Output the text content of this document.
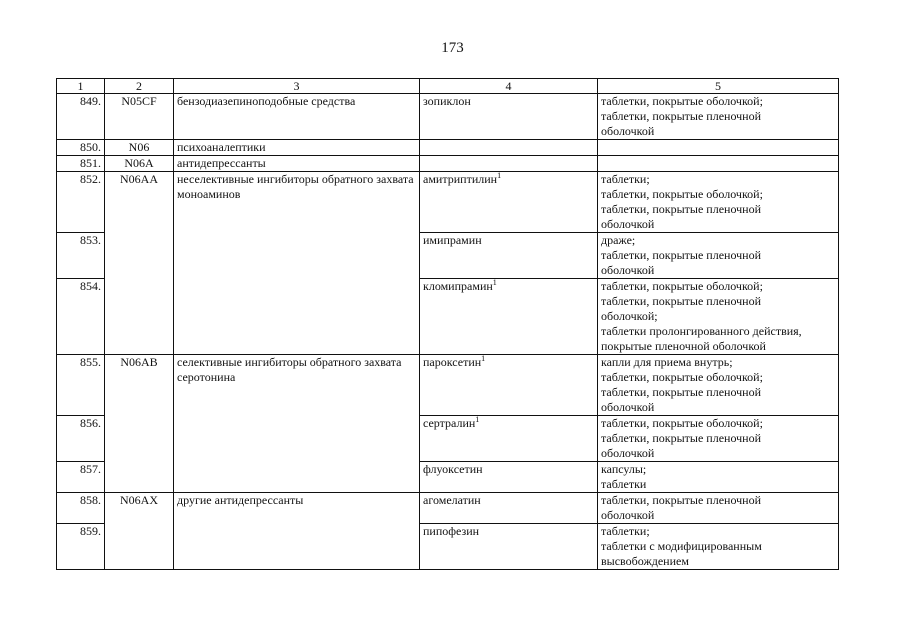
173
1	2	3	4	5
849.	N05CF	бензодиазепиноподобные средства	зопиклон	таблетки, покрытые оболочкой;
таблетки, покрытые пленочной
оболочкой

850.	N06	психоаналептики		
851.	N06A	антидепрессанты		
852.	N06AA	неселективные ингибиторы обратного захвата моноаминов	амитриптилин$^1$	таблетки;
таблетки, покрытые оболочкой;
таблетки, покрытые пленочной
оболочкой

853.			имипрамин	драже;
таблетки, покрытые пленочной
оболочкой

854.			кломипрамин$^1$	таблетки, покрытые оболочкой;
таблетки, покрытые пленочной
оболочкой;
таблетки пролонгированного действия,
покрытые пленочной оболочкой

855.	N06AB	селективные ингибиторы обратного захвата серотонина	пароксетин$^1$	капли для приема внутрь;
таблетки, покрытые оболочкой;
таблетки, покрытые пленочной
оболочкой

856.			сертралин$^1$	таблетки, покрытые оболочкой;
таблетки, покрытые пленочной
оболочкой

857.			флуоксетин	капсулы;
таблетки

858.	N06AX	другие антидепрессанты	агомелатин	таблетки, покрытые пленочной
оболочкой

859.			пипофезин	таблетки;
таблетки с модифицированным
высвобождением
